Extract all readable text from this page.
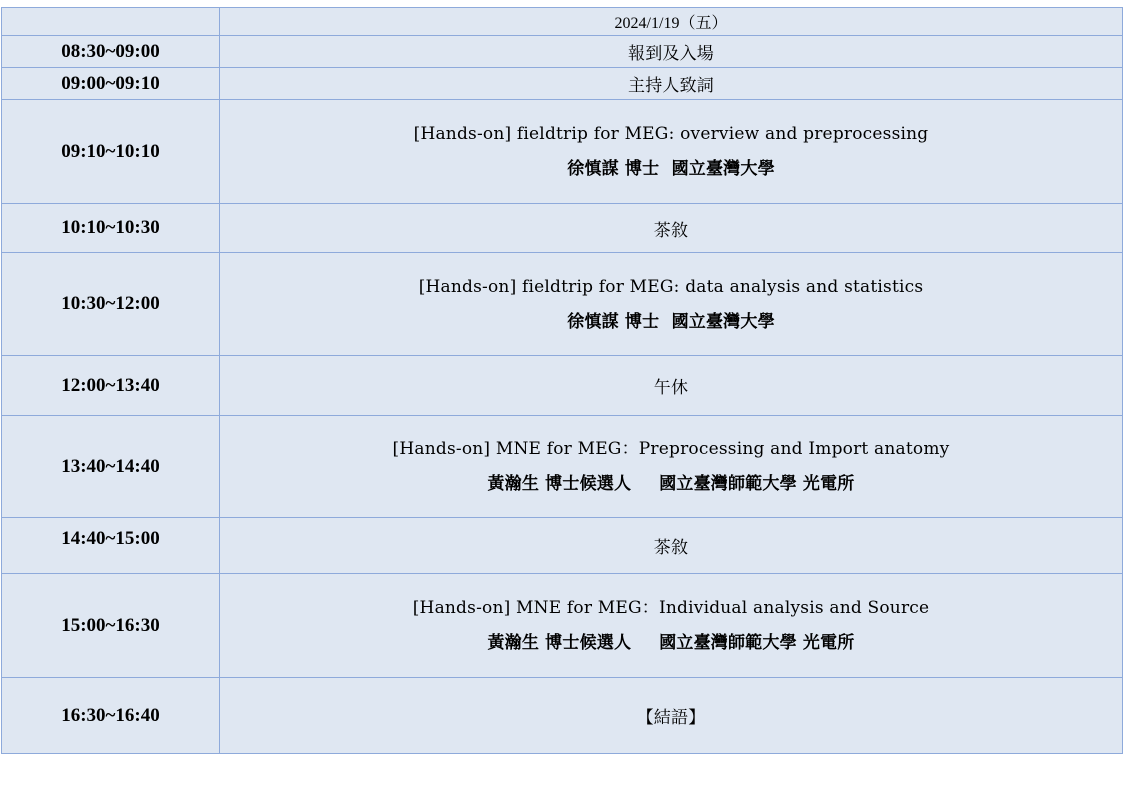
	2024/1/19（五）
08:30~09:00	報到及入場
09:00~09:10	主持人致詞
09:10~10:10	[Hands-on] fieldtrip for MEG: overview and preprocessing
徐慎謀 博士 國立臺灣大學

10:10~10:30	茶敘
10:30~12:00	[Hands-on] fieldtrip for MEG: data analysis and statistics
徐慎謀 博士 國立臺灣大學

12:00~13:40	午休
13:40~14:40	[Hands-on] MNE for MEG：Preprocessing and Import anatomy
黃瀚生 博士候選人 國立臺灣師範大學 光電所

14:40~15:00	茶敘
15:00~16:30	[Hands-on] MNE for MEG：Individual analysis and Source
黃瀚生 博士候選人 國立臺灣師範大學 光電所

16:30~16:40	【結語】
